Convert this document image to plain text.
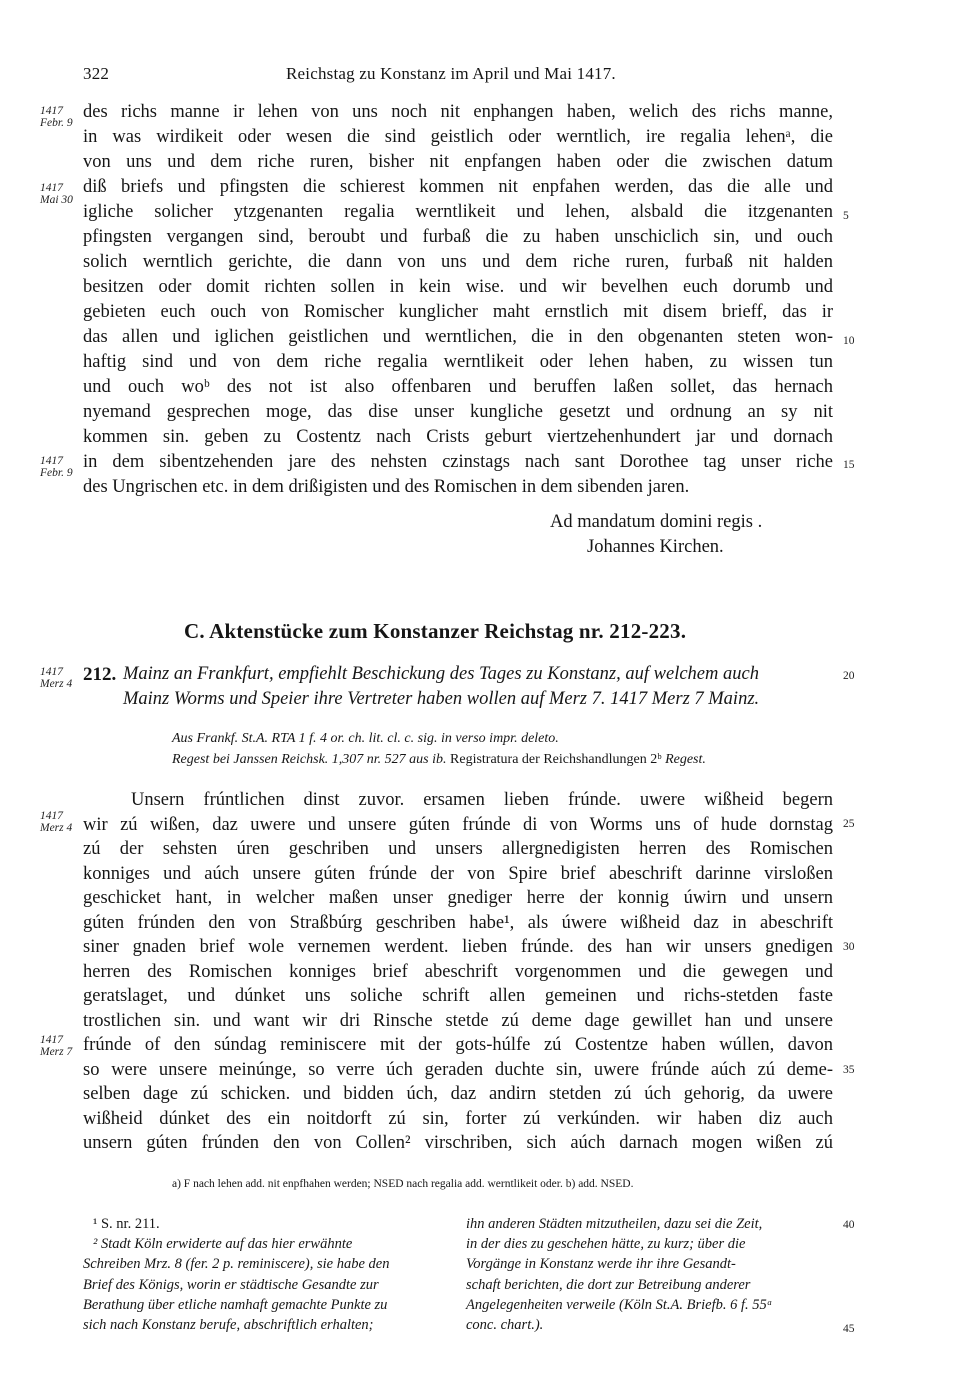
322	Reichstag zu Konstanz im April und Mai 1417.
des richs manne ir lehen von uns noch nit enphangen haben, welich des richs manne,
in was wirdikeit oder wesen die sind geistlich oder werntlich, ire regalia lehenᵃ, die
von uns und dem riche ruren, bisher nit enpfangen haben oder die zwischen datum
diß briefs und pfingsten die schierest kommen nit enpfahen werden, das die alle und
igliche solicher ytzgenanten regalia werntlikeit und lehen, alsbald die itzgenanten
pfingsten vergangen sind, beroubt und furbaß die zu haben unschiclich sin, und ouch
solich werntlich gerichte, die dann von uns und dem riche ruren, furbaß nit halden
besitzen oder domit richten sollen in kein wise. und wir bevelhen euch dorumb und
gebieten euch ouch von Romischer kunglicher maht ernstlich mit disem brieff, das ir
das allen und iglichen geistlichen und werntlichen, die in den obgenanten steten won-
haftig sind und von dem riche regalia werntlikeit oder lehen haben, zu wissen tun
und ouch woᵇ des not ist also offenbaren und beruffen laßen sollet, das hernach
nyemand gesprechen moge, das dise unser kungliche gesetzt und ordnung an sy nit
kommen sin. geben zu Costentz nach Crists geburt viertzehenhundert jar und dornach
in dem sibentzehenden jare des nehsten czinstags nach sant Dorothee tag unser riche
des Ungrischen etc. in dem drißigisten und des Romischen in dem sibenden jaren.
1417
Febr. 9
1417
Mai 30
1417
Febr. 9
5
10
15
Ad mandatum domini regis .
Johannes Kirchen.
C. Aktenstücke zum Konstanzer Reichstag nr. 212-223.
1417
Merz 4 212. Mainz an Frankfurt, empfiehlt Beschickung des Tages zu Konstanz, auf welchem auch
Mainz Worms und Speier ihre Vertreter haben wollen auf Merz 7. 1417 Merz 7 Mainz.
20
Aus Frankf. St.A. RTA 1 f. 4 or. ch. lit. cl. c. sig. in verso impr. deleto.
Regest bei Janssen Reichsk. 1,307 nr. 527 aus ib. Registratura der Reichshandlungen 2ᵇ Regest.
Unsern frúntlichen dinst zuvor. ersamen lieben frúnde. uwere wißheid begern
wir zú wißen, daz uwere und unsere gúten frúnde di von Worms uns of hude dornstag
zú der sehsten úren geschriben und unsers allergnedigisten herren des Romischen
konniges und aúch unsere gúten frúnde der von Spire brief abeschrift darinne virsloßen
geschicket hant, in welcher maßen unser gnediger herre der konnig úwirn und unsern
gúten frúnden den von Straßbúrg geschriben habe¹, als úwere wißheid daz in abeschrift
siner gnaden brief wole vernemen werdent. lieben frúnde. des han wir unsers gnedigen
herren des Romischen konniges brief abeschrift vorgenommen und die gewegen und
geratslaget, und dúnket uns soliche schrift allen gemeinen und richs-stetden faste
trostlichen sin. und want wir dri Rinsche stetde zú deme dage gewillet han und unsere
frúnde of den súndag reminiscere mit der gots-húlfe zú Costentze haben wúllen, davon
so were unsere meinúnge, so verre úch geraden duchte sin, uwere frúnde aúch zú deme-
selben dage zú schicken. und bidden úch, daz andirn stetden zú úch gehorig, da uwere
wißheid dúnket des ein noitdorft zú sin, forter zú verkúnden. wir haben diz auch
unsern gúten frúnden den von Collen² virschriben, sich aúch darnach mogen wißen zú
1417
Merz 4
1417
Merz 7
25
30
35
a) F nach lehen add. nit enpfhahen werden; NSED nach regalia add. werntlikeit oder. b) add. NSED.
¹ S. nr. 211.
² Stadt Köln erwiderte auf das hier erwähnte
Schreiben Mrz. 8 (fer. 2 p. reminiscere), sie habe den
Brief des Königs, worin er städtische Gesandte zur
Berathung über etliche namhaft gemachte Punkte zu
sich nach Konstanz berufe, abschriftlich erhalten;
ihn anderen Städten mitzutheilen, dazu sei die Zeit,
in der dies zu geschehen hätte, zu kurz; über die
Vorgänge in Konstanz werde ihr ihre Gesandt-
schaft berichten, die dort zur Betreibung anderer
Angelegenheiten verweile (Köln St.A. Briefb. 6 f. 55ᵃ
conc. chart.).
40
45
